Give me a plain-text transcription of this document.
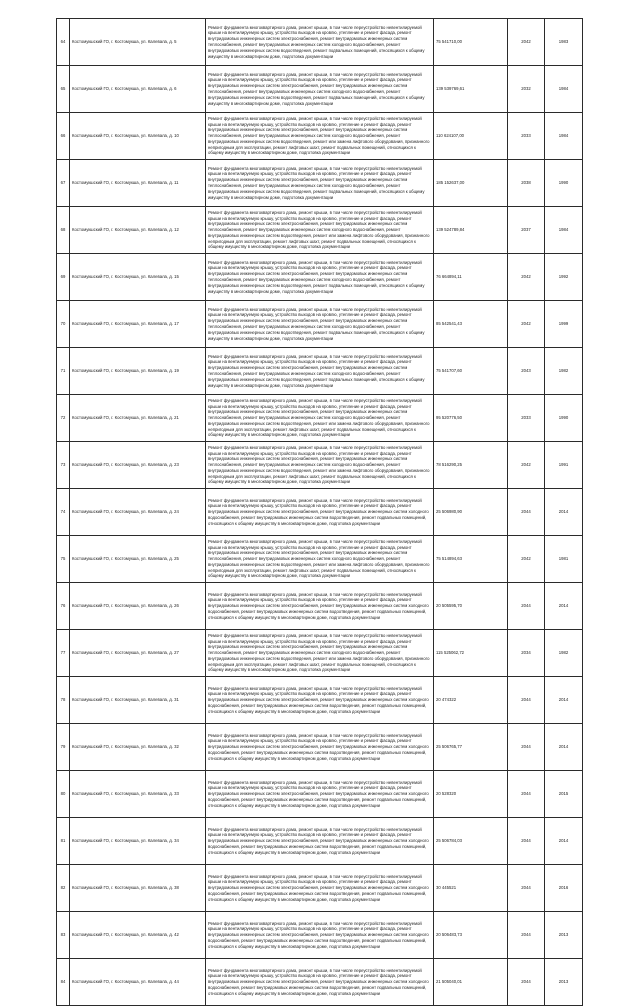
64	Костомукшский ГО, г. Костомукша, ул. Калевала, д. 5	Ремонт фундамента многоквартирного дома, ремонт крыши, в том числе переустройство невентилируемой крыши на вентилируемую крышу, устройство выходов на кровлю, утепление и ремонт фасада, ремонт внутридомовых инженерных систем электроснабжения, ремонт внутридомовых инженерных систем теплоснабжения, ремонт внутридомовых инженерных систем холодного водоснабжения, ремонт внутридомовых инженерных систем водоотведения, ремонт подвальных помещений, относящихся к общему имуществу в многоквартирном доме, подготовка документации	75 541710,00	2042	1983
65	Костомукшский ГО, г. Костомукша, ул. Калевала, д. 6	Ремонт фундамента многоквартирного дома, ремонт крыши, в том числе переустройство невентилируемой крыши на вентилируемую крышу, устройство выходов на кровлю, утепление и ремонт фасада, ремонт внутридомовых инженерных систем электроснабжения, ремонт внутридомовых инженерных систем теплоснабжения, ремонт внутридомовых инженерных систем холодного водоснабжения, ремонт внутридомовых инженерных систем водоотведения, ремонт подвальных помещений, относящихся к общему имуществу в многоквартирном доме, подготовка документации	139 539769,61	2032	1984
66	Костомукшский ГО, г. Костомукша, ул. Калевала, д. 10	Ремонт фундамента многоквартирного дома, ремонт крыши, в том числе переустройство невентилируемой крыши на вентилируемую крышу, устройство выходов на кровлю, утепление и ремонт фасада, ремонт внутридомовых инженерных систем электроснабжения, ремонт внутридомовых инженерных систем теплоснабжения, ремонт внутридомовых инженерных систем холодного водоснабжения, ремонт внутридомовых инженерных систем водоотведения, ремонт или замена лифтового оборудования, признанного непригодным для эксплуатации, ремонт лифтовых шахт, ремонт подвальных помещений, относящихся к общему имуществу в многоквартирном доме, подготовка документации	110 624107,00	2033	1984
67	Костомукшский ГО, г. Костомукша, ул. Калевала, д. 11	Ремонт фундамента многоквартирного дома, ремонт крыши, в том числе переустройство невентилируемой крыши на вентилируемую крышу, устройство выходов на кровлю, утепление и ремонт фасада, ремонт внутридомовых инженерных систем электроснабжения, ремонт внутридомовых инженерных систем теплоснабжения, ремонт внутридомовых инженерных систем холодного водоснабжения, ремонт внутридомовых инженерных систем водоотведения, ремонт подвальных помещений, относящихся к общему имуществу в многоквартирном доме, подготовка документации	185 152637,00	2038	1990
68	Костомукшский ГО, г. Костомукша, ул. Калевала, д. 12	Ремонт фундамента многоквартирного дома, ремонт крыши, в том числе переустройство невентилируемой крыши на вентилируемую крышу, устройство выходов на кровлю, утепление и ремонт фасада, ремонт внутридомовых инженерных систем электроснабжения, ремонт внутридомовых инженерных систем теплоснабжения, ремонт внутридомовых инженерных систем холодного водоснабжения, ремонт внутридомовых инженерных систем водоотведения, ремонт или замена лифтового оборудования, признанного непригодным для эксплуатации, ремонт лифтовых шахт, ремонт подвальных помещений, относящихся к общему имуществу в многоквартирном доме, подготовка документации	139 524789,84	2037	1984
69	Костомукшский ГО, г. Костомукша, ул. Калевала, д. 15	Ремонт фундамента многоквартирного дома, ремонт крыши, в том числе переустройство невентилируемой крыши на вентилируемую крышу, устройство выходов на кровлю, утепление и ремонт фасада, ремонт внутридомовых инженерных систем электроснабжения, ремонт внутридомовых инженерных систем теплоснабжения, ремонт внутридомовых инженерных систем холодного водоснабжения, ремонт внутридомовых инженерных систем водоотведения, ремонт подвальных помещений, относящихся к общему имуществу в многоквартирном доме, подготовка документации	76 664894,11	2042	1992
70	Костомукшский ГО, г. Костомукша, ул. Калевала, д. 17	Ремонт фундамента многоквартирного дома, ремонт крыши, в том числе переустройство невентилируемой крыши на вентилируемую крышу, устройство выходов на кровлю, утепление и ремонт фасада, ремонт внутридомовых инженерных систем электроснабжения, ремонт внутридомовых инженерных систем теплоснабжения, ремонт внутридомовых инженерных систем холодного водоснабжения, ремонт внутридомовых инженерных систем водоотведения, ремонт подвальных помещений, относящихся к общему имуществу в многоквартирном доме, подготовка документации	85 542541,43	2042	1999
71	Костомукшский ГО, г. Костомукша, ул. Калевала, д. 19	Ремонт фундамента многоквартирного дома, ремонт крыши, в том числе переустройство невентилируемой крыши на вентилируемую крышу, устройство выходов на кровлю, утепление и ремонт фасада, ремонт внутридомовых инженерных систем электроснабжения, ремонт внутридомовых инженерных систем теплоснабжения, ремонт внутридомовых инженерных систем холодного водоснабжения, ремонт внутридомовых инженерных систем водоотведения, ремонт подвальных помещений, относящихся к общему имуществу в многоквартирном доме, подготовка документации	75 541707,60	2043	1982
72	Костомукшский ГО, г. Костомукша, ул. Калевала, д. 21	Ремонт фундамента многоквартирного дома, ремонт крыши, в том числе переустройство невентилируемой крыши на вентилируемую крышу, устройство выходов на кровлю, утепление и ремонт фасада, ремонт внутридомовых инженерных систем электроснабжения, ремонт внутридомовых инженерных систем теплоснабжения, ремонт внутридомовых инженерных систем холодного водоснабжения, ремонт внутридомовых инженерных систем водоотведения, ремонт или замена лифтового оборудования, признанного непригодным для эксплуатации, ремонт лифтовых шахт, ремонт подвальных помещений, относящихся к общему имуществу в многоквартирном доме, подготовка документации	95 520776,50	2033	1990
73	Костомукшский ГО, г. Костомукша, ул. Калевала, д. 23	Ремонт фундамента многоквартирного дома, ремонт крыши, в том числе переустройство невентилируемой крыши на вентилируемую крышу, устройство выходов на кровлю, утепление и ремонт фасада, ремонт внутридомовых инженерных систем электроснабжения, ремонт внутридомовых инженерных систем теплоснабжения, ремонт внутридомовых инженерных систем холодного водоснабжения, ремонт внутридомовых инженерных систем водоотведения, ремонт или замена лифтового оборудования, признанного непригодным для эксплуатации, ремонт лифтовых шахт, ремонт подвальных помещений, относящихся к общему имуществу в многоквартирном доме, подготовка документации	78 516290,25	2042	1991
74	Костомукшский ГО, г. Костомукша, ул. Калевала, д. 24	Ремонт фундамента многоквартирного дома, ремонт крыши, в том числе переустройство невентилируемой крыши на вентилируемую крышу, устройство выходов на кровлю, утепление и ремонт фасада, ремонт внутридомовых инженерных систем электроснабжения, ремонт внутридомовых инженерных систем холодного водоснабжения, ремонт внутридомовых инженерных систем водоотведения, ремонт подвальных помещений, относящихся к общему имуществу в многоквартирном доме, подготовка документации	25 506980,90	2044	2014
75	Костомукшский ГО, г. Костомукша, ул. Калевала, д. 25	Ремонт фундамента многоквартирного дома, ремонт крыши, в том числе переустройство невентилируемой крыши на вентилируемую крышу, устройство выходов на кровлю, утепление и ремонт фасада, ремонт внутридомовых инженерных систем электроснабжения, ремонт внутридомовых инженерных систем теплоснабжения, ремонт внутридомовых инженерных систем холодного водоснабжения, ремонт внутридомовых инженерных систем водоотведения, ремонт или замена лифтового оборудования, признанного непригодным для эксплуатации, ремонт лифтовых шахт, ремонт подвальных помещений, относящихся к общему имуществу в многоквартирном доме, подготовка документации	75 514894,63	2042	1981
76	Костомукшский ГО, г. Костомукша, ул. Калевала, д. 26	Ремонт фундамента многоквартирного дома, ремонт крыши, в том числе переустройство невентилируемой крыши на вентилируемую крышу, устройство выходов на кровлю, утепление и ремонт фасада, ремонт внутридомовых инженерных систем электроснабжения, ремонт внутридомовых инженерных систем холодного водоснабжения, ремонт внутридомовых инженерных систем водоотведения, ремонт подвальных помещений, относящихся к общему имуществу в многоквартирном доме, подготовка документации	20 505595,70	2044	2014
77	Костомукшский ГО, г. Костомукша, ул. Калевала, д. 27	Ремонт фундамента многоквартирного дома, ремонт крыши, в том числе переустройство невентилируемой крыши на вентилируемую крышу, устройство выходов на кровлю, утепление и ремонт фасада, ремонт внутридомовых инженерных систем электроснабжения, ремонт внутридомовых инженерных систем теплоснабжения, ремонт внутридомовых инженерных систем холодного водоснабжения, ремонт внутридомовых инженерных систем водоотведения, ремонт или замена лифтового оборудования, признанного непригодным для эксплуатации, ремонт лифтовых шахт, ремонт подвальных помещений, относящихся к общему имуществу в многоквартирном доме, подготовка документации	115 525062,72	2034	1982
78	Костомукшский ГО, г. Костомукша, ул. Калевала, д. 31	Ремонт фундамента многоквартирного дома, ремонт крыши, в том числе переустройство невентилируемой крыши на вентилируемую крышу, устройство выходов на кровлю, утепление и ремонт фасада, ремонт внутридомовых инженерных систем электроснабжения, ремонт внутридомовых инженерных систем холодного водоснабжения, ремонт внутридомовых инженерных систем водоотведения, ремонт подвальных помещений, относящихся к общему имуществу в многоквартирном доме, подготовка документации	20 474322	2044	2014
79	Костомукшский ГО, г. Костомукша, ул. Калевала, д. 32	Ремонт фундамента многоквартирного дома, ремонт крыши, в том числе переустройство невентилируемой крыши на вентилируемую крышу, устройство выходов на кровлю, утепление и ремонт фасада, ремонт внутридомовых инженерных систем электроснабжения, ремонт внутридомовых инженерных систем холодного водоснабжения, ремонт внутридомовых инженерных систем водоотведения, ремонт подвальных помещений, относящихся к общему имуществу в многоквартирном доме, подготовка документации	25 506765,77	2044	2014
80	Костомукшский ГО, г. Костомукша, ул. Калевала, д. 33	Ремонт фундамента многоквартирного дома, ремонт крыши, в том числе переустройство невентилируемой крыши на вентилируемую крышу, устройство выходов на кровлю, утепление и ремонт фасада, ремонт внутридомовых инженерных систем электроснабжения, ремонт внутридомовых инженерных систем холодного водоснабжения, ремонт внутридомовых инженерных систем водоотведения, ремонт подвальных помещений, относящихся к общему имуществу в многоквартирном доме, подготовка документации	20 528320	2044	2015
81	Костомукшский ГО, г. Костомукша, ул. Калевала, д. 34	Ремонт фундамента многоквартирного дома, ремонт крыши, в том числе переустройство невентилируемой крыши на вентилируемую крышу, устройство выходов на кровлю, утепление и ремонт фасада, ремонт внутридомовых инженерных систем электроснабжения, ремонт внутридомовых инженерных систем холодного водоснабжения, ремонт внутридомовых инженерных систем водоотведения, ремонт подвальных помещений, относящихся к общему имуществу в многоквартирном доме, подготовка документации	25 506784,03	2044	2014
82	Костомукшский ГО, г. Костомукша, ул. Калевала, д. 38	Ремонт фундамента многоквартирного дома, ремонт крыши, в том числе переустройство невентилируемой крыши на вентилируемую крышу, устройство выходов на кровлю, утепление и ремонт фасада, ремонт внутридомовых инженерных систем электроснабжения, ремонт внутридомовых инженерных систем холодного водоснабжения, ремонт внутридомовых инженерных систем водоотведения, ремонт подвальных помещений, относящихся к общему имуществу в многоквартирном доме, подготовка документации	30 445521	2044	2016
83	Костомукшский ГО, г. Костомукша, ул. Калевала, д. 42	Ремонт фундамента многоквартирного дома, ремонт крыши, в том числе переустройство невентилируемой крыши на вентилируемую крышу, устройство выходов на кровлю, утепление и ремонт фасада, ремонт внутридомовых инженерных систем электроснабжения, ремонт внутридомовых инженерных систем холодного водоснабжения, ремонт внутридомовых инженерных систем водоотведения, ремонт подвальных помещений, относящихся к общему имуществу в многоквартирном доме, подготовка документации	20 506483,73	2044	2013
84	Костомукшский ГО, г. Костомукша, ул. Калевала, д. 44	Ремонт фундамента многоквартирного дома, ремонт крыши, в том числе переустройство невентилируемой крыши на вентилируемую крышу, устройство выходов на кровлю, утепление и ремонт фасада, ремонт внутридомовых инженерных систем электроснабжения, ремонт внутридомовых инженерных систем холодного водоснабжения, ремонт внутридомовых инженерных систем водоотведения, ремонт подвальных помещений, относящихся к общему имуществу в многоквартирном доме, подготовка документации	21 505040,01	2044	2013
